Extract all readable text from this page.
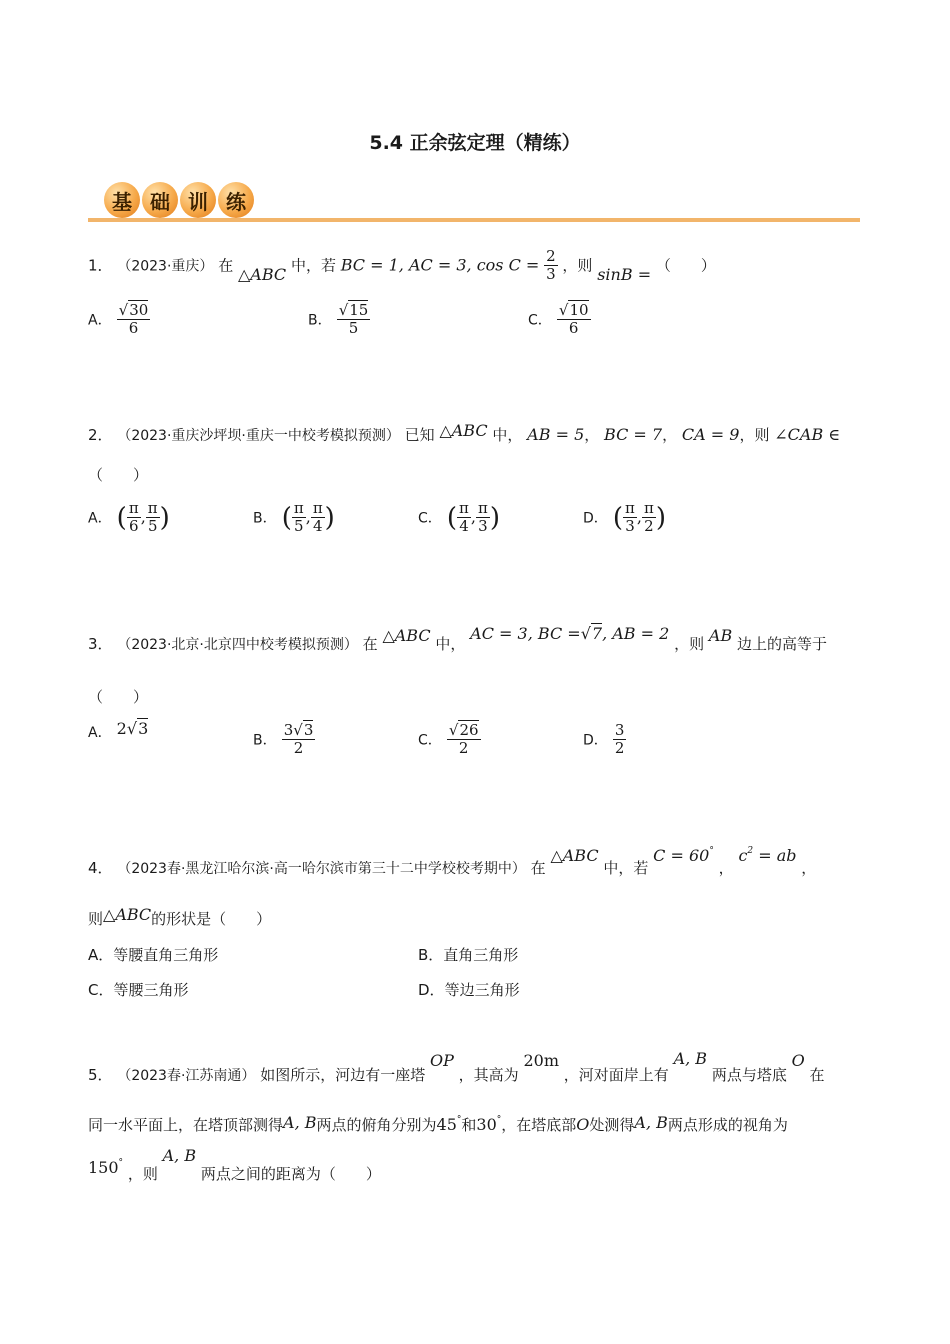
5.4 正余弦定理（精练）
基 础 训 练
1． （2023·重庆） 在 △ABC 中，若 BC = 1, AC = 3, $\cos C = \frac{2}{3}$ ，则 sinB = （　　）
A． $\frac{√30}{6}$	B． $\frac{√15}{5}$	C． $\frac{√10}{6}$
2． （2023·重庆沙坪坝·重庆一中校考模拟预测） 已知 △ABC 中， AB = 5， BC = 7， CA = 9，则 ∠CAB ∈
（　　）
A． ( $\frac{\pi}{6}$ , $\frac{\pi}{5}$ )	B． ( $\frac{\pi}{5}$ , $\frac{\pi}{4}$ )	C． ( $\frac{\pi}{4}$ , $\frac{\pi}{3}$ )	D． ( $\frac{\pi}{3}$ , $\frac{\pi}{2}$ )
3． （2023·北京·北京四中校考模拟预测） 在 △ABC 中， AC = 3, BC =√7, AB = 2 ，则 AB 边上的高等于
（　　）
A． 2√3
B． $\frac{3√3}{2}$	C． $\frac{√26}{2}$	D． $\frac{3}{2}$
4． （2023春·黑龙江哈尔滨·高一哈尔滨市第三十二中学校校考期中） 在 △ABC 中，若 C = 60° ， $c^2$ = ab ，
则△ABC的形状是（　　）
A．等腰直角三角形	B．直角三角形
C．等腰三角形	D．等边三角形
5． （2023春·江苏南通） 如图所示，河边有一座塔 OP ，其高为 20m ，河对面岸上有 A, B 两点与塔底 O 在
同一水平面上，在塔顶部测得A, B两点的俯角分别为45°和30°，在塔底部O处测得A, B两点形成的视角为
150° ，则 A, B 两点之间的距离为（　　）
